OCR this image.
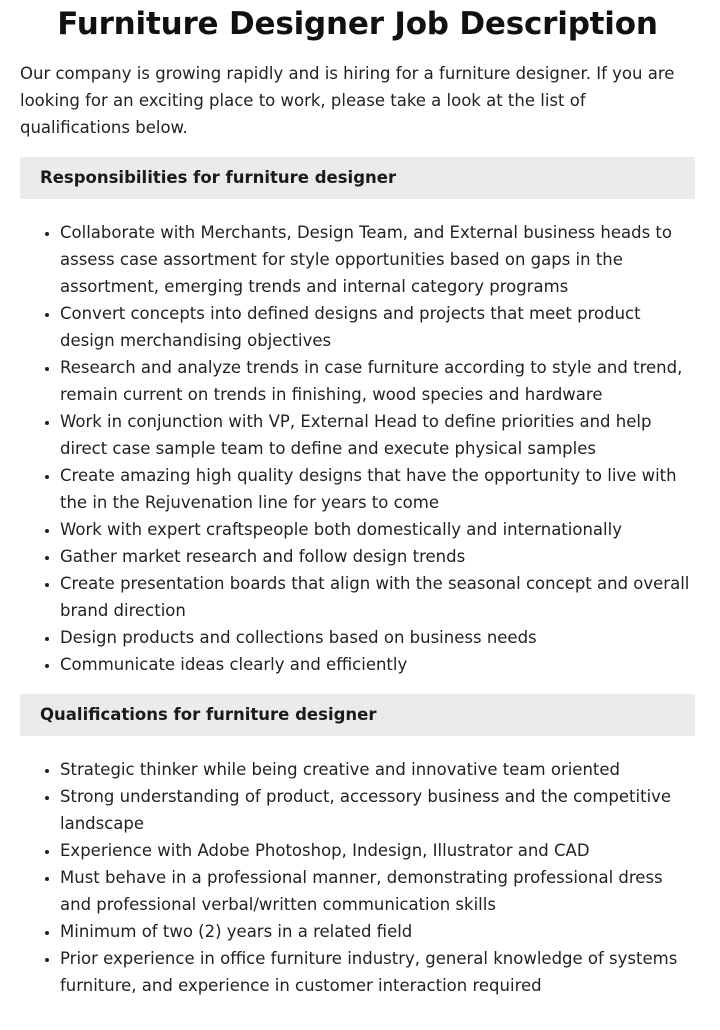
Furniture Designer Job Description

Our company is growing rapidly and is hiring for a furniture designer. If you are looking for an exciting place to work, please take a look at the list of qualifications below.

Responsibilities for furniture designer
• Collaborate with Merchants, Design Team, and External business heads to assess case assortment for style opportunities based on gaps in the assortment, emerging trends and internal category programs
• Convert concepts into defined designs and projects that meet product design merchandising objectives
• Research and analyze trends in case furniture according to style and trend, remain current on trends in finishing, wood species and hardware
• Work in conjunction with VP, External Head to define priorities and help direct case sample team to define and execute physical samples
• Create amazing high quality designs that have the opportunity to live with the in the Rejuvenation line for years to come
• Work with expert craftspeople both domestically and internationally
• Gather market research and follow design trends
• Create presentation boards that align with the seasonal concept and overall brand direction
• Design products and collections based on business needs
• Communicate ideas clearly and efficiently
Qualifications for furniture designer
• Strategic thinker while being creative and innovative team oriented
• Strong understanding of product, accessory business and the competitive landscape
• Experience with Adobe Photoshop, Indesign, Illustrator and CAD
• Must behave in a professional manner, demonstrating professional dress and professional verbal/written communication skills
• Minimum of two (2) years in a related field
• Prior experience in office furniture industry, general knowledge of systems furniture, and experience in customer interaction required
